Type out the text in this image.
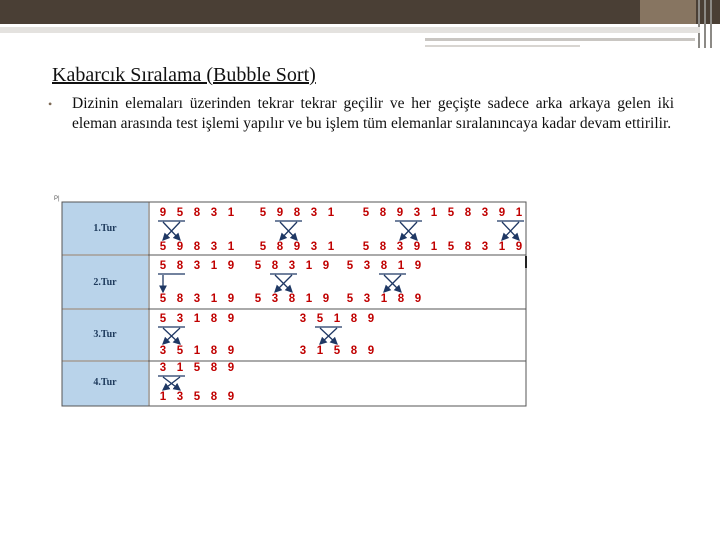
Kabarcık Sıralama (Bubble Sort)
•	Dizinin elemaları üzerinden tekrar tekrar geçilir ve her geçişte sadece arka arkaya gelen iki eleman arasında test işlemi yapılır ve bu işlem tüm elemanlar sıralanıncaya kadar devam ettirilir.
P|
1.Tur
2.Tur
3.Tur
4.Tur
9 5 8 3 1
5 9 8 3 1
5 9 8 3 1
5 8 9 3 1
5 8 9 3 1
5 8 3 9 1
5 8 3 9 1
5 8 3 1 9
5 8 3 1 9
5 8 3 1 9
5 8 3 1 9
5 3 8 1 9
5 3 8 1 9
5 3 1 8 9
5 3 1 8 9
3 5 1 8 9
3 5 1 8 9
3 1 5 8 9
3 1 5 8 9
1 3 5 8 9
